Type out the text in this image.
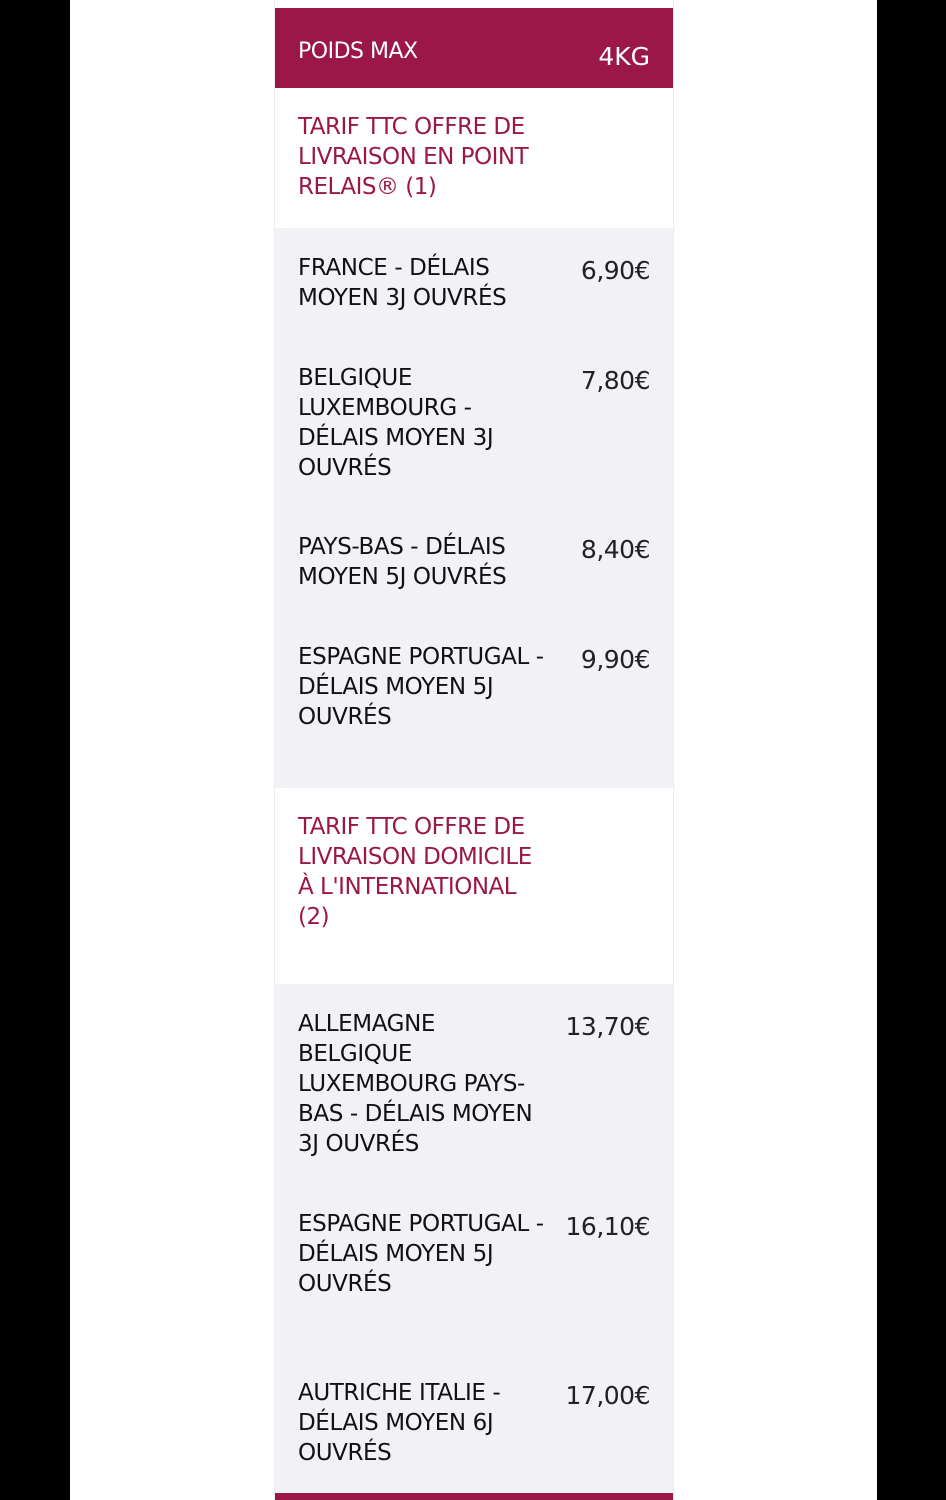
POIDS MAX	4KG
TARIF TTC OFFRE DE LIVRAISON EN POINT RELAIS® (1)
FRANCE - DÉLAIS MOYEN 3J OUVRÉS
6,90€
BELGIQUE LUXEMBOURG - DÉLAIS MOYEN 3J OUVRÉS
7,80€
PAYS-BAS - DÉLAIS MOYEN 5J OUVRÉS
8,40€
ESPAGNE PORTUGAL - DÉLAIS MOYEN 5J OUVRÉS
9,90€
TARIF TTC OFFRE DE LIVRAISON DOMICILE À L'INTERNATIONAL (2)
ALLEMAGNE BELGIQUE LUXEMBOURG PAYS-BAS - DÉLAIS MOYEN 3J OUVRÉS
13,70€
ESPAGNE PORTUGAL - DÉLAIS MOYEN 5J OUVRÉS
16,10€
AUTRICHE ITALIE - DÉLAIS MOYEN 6J OUVRÉS
17,00€
